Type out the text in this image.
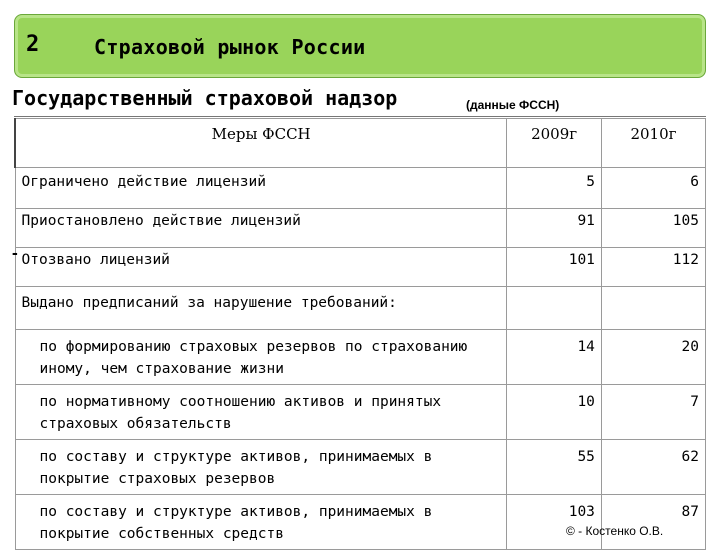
2	Страховой рынок России
Государственный страховой надзор	(данные ФССН)
Меры ФССН	2009г	2010г
Ограничено действие лицензий	5	6
Приостановлено действие лицензий	91	105

- Отозвано лицензий	101	112
Выдано предписаний за нарушение требований:		
по формированию страховых резервов по страхованию иному, чем страхование жизни	14	20
по нормативному соотношению активов и принятых страховых обязательств	10	7
по составу и структуре активов, принимаемых в покрытие страховых резервов	55	62
по составу и структуре активов, принимаемых в покрытие собственных средств	103	87
© - Костенко О.В.
